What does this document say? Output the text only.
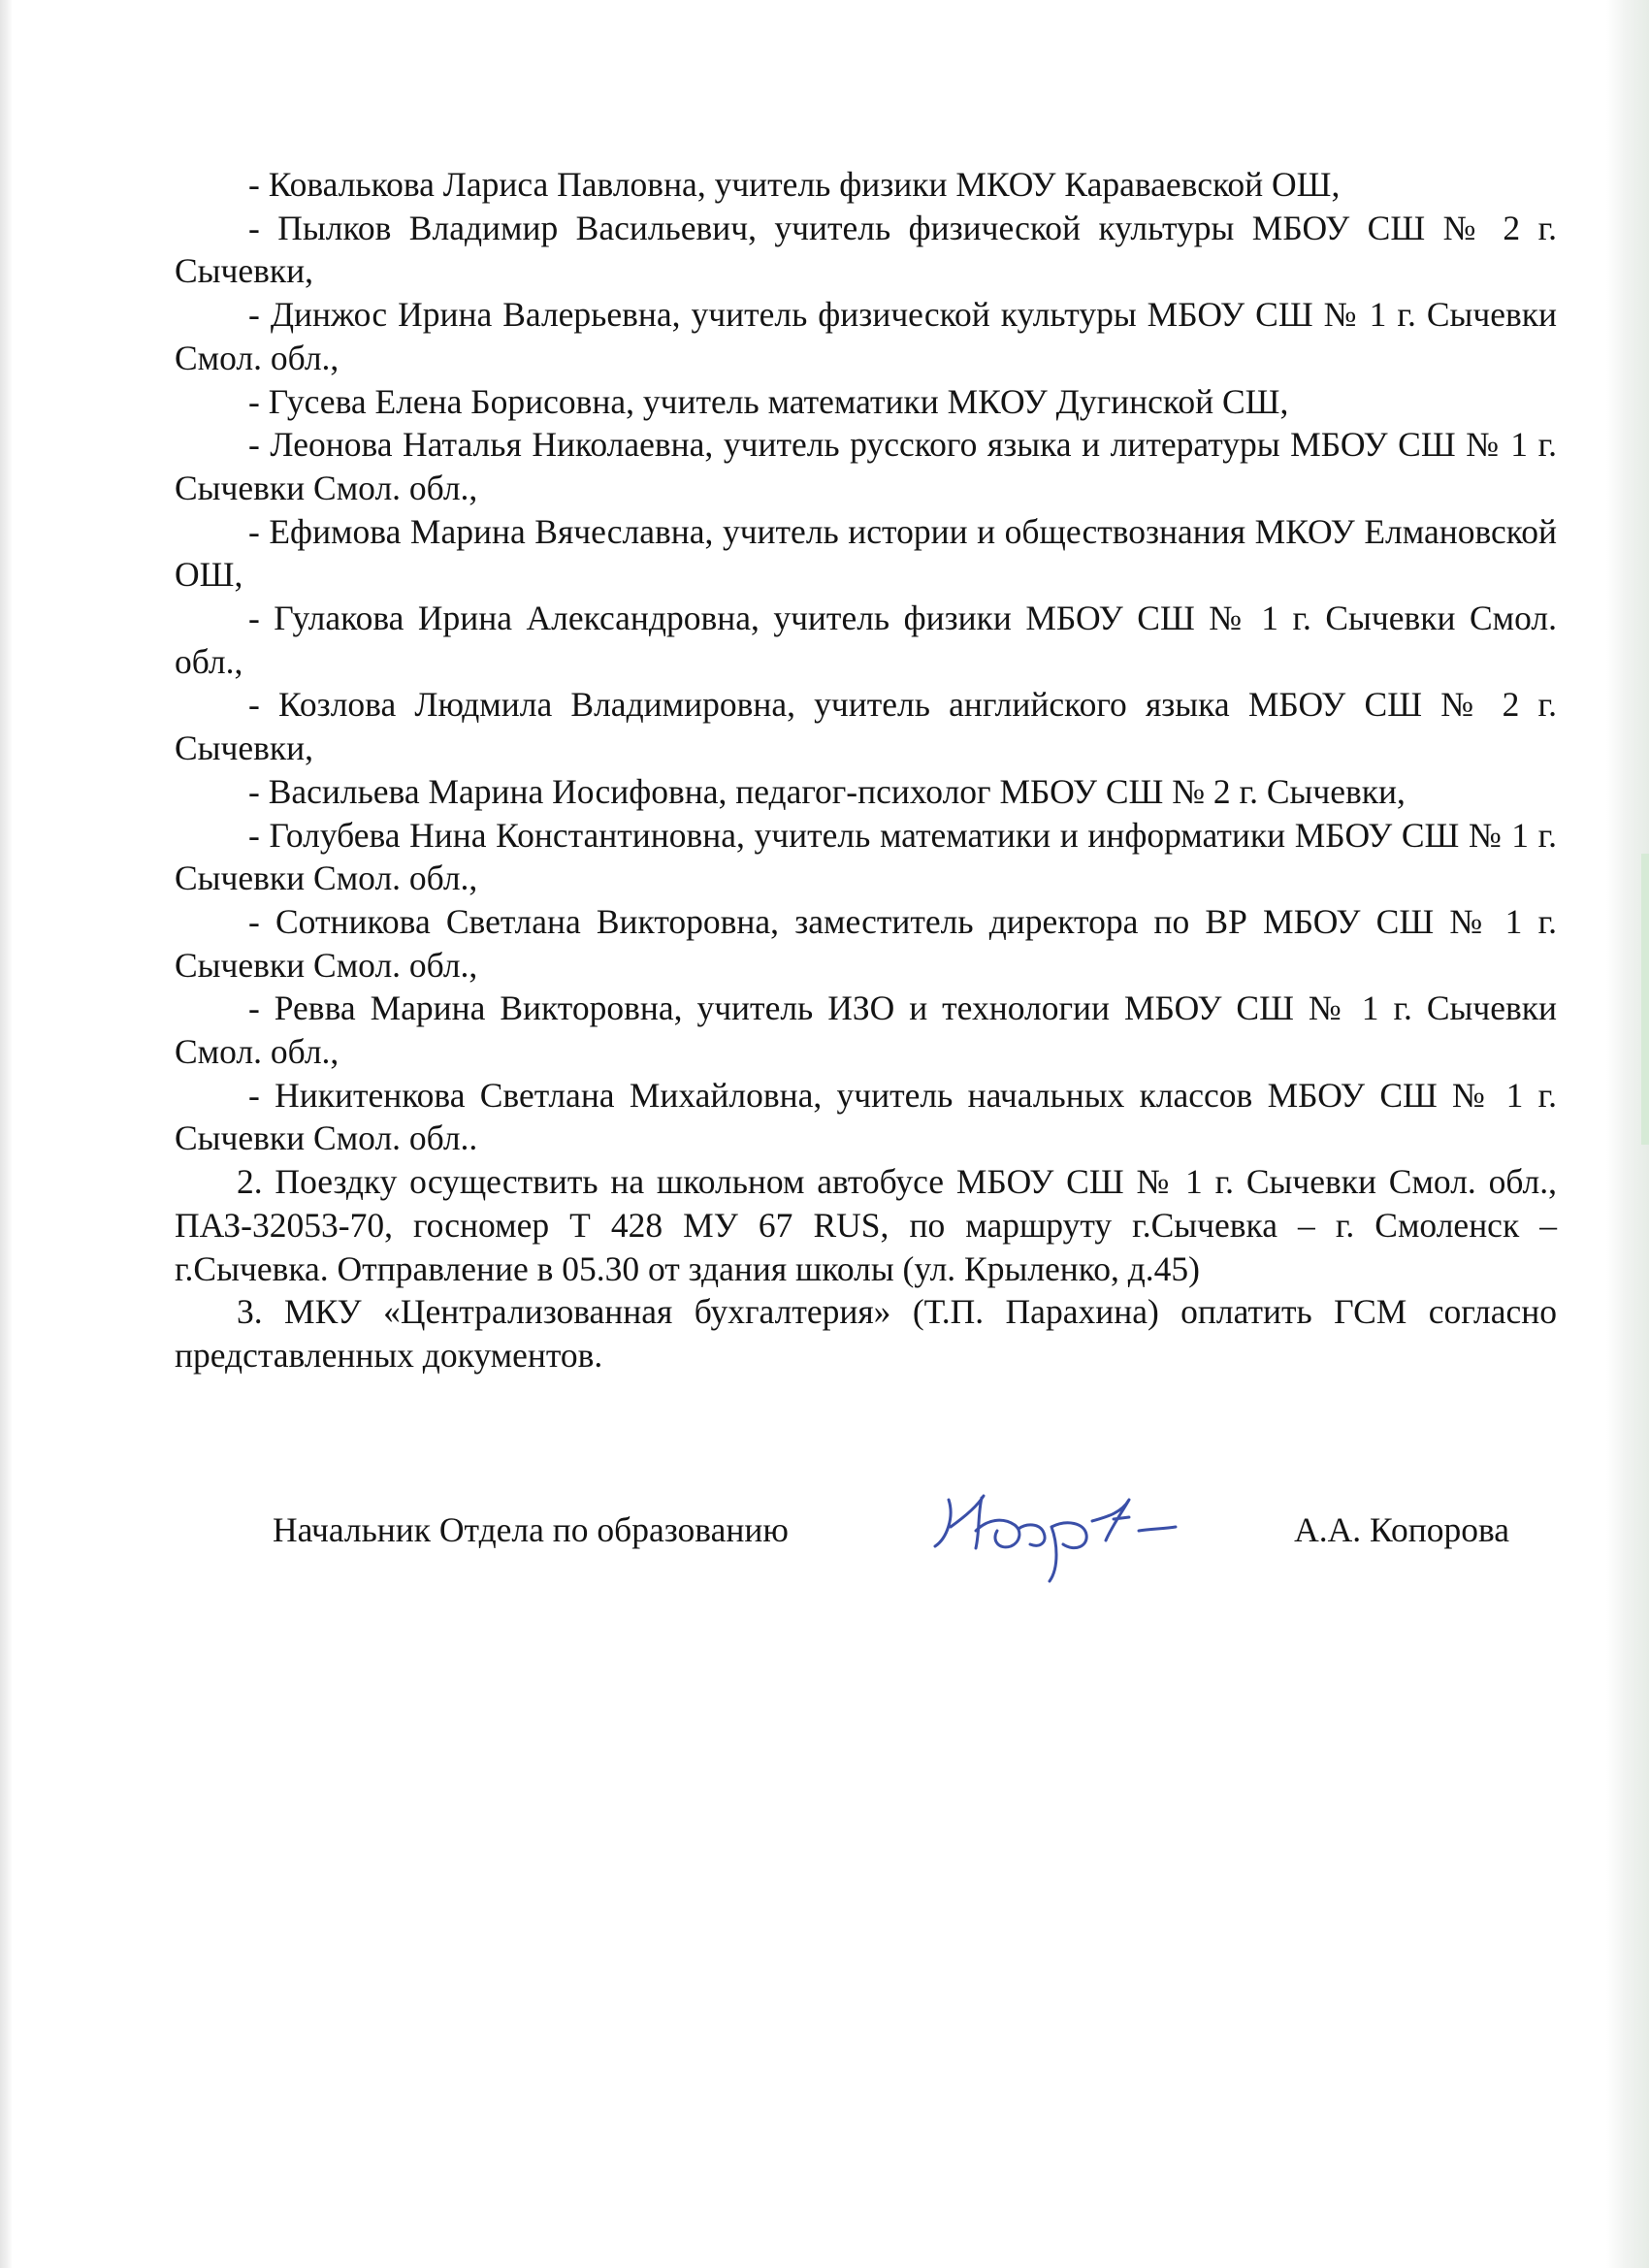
- Ковалькова Лариса Павловна, учитель физики МКОУ Караваевской ОШ,

- Пылков Владимир Васильевич, учитель физической культуры МБОУ СШ № 2 г. Сычевки,

- Динжос Ирина Валерьевна, учитель физической культуры МБОУ СШ № 1 г. Сычевки Смол. обл.,

- Гусева Елена Борисовна, учитель математики МКОУ Дугинской СШ,

- Леонова Наталья Николаевна, учитель русского языка и литературы МБОУ СШ № 1 г. Сычевки Смол. обл.,

- Ефимова Марина Вячеславна, учитель истории и обществознания МКОУ Елмановской ОШ,

- Гулакова Ирина Александровна, учитель физики МБОУ СШ № 1 г. Сычевки Смол. обл.,

- Козлова Людмила Владимировна, учитель английского языка МБОУ СШ № 2 г. Сычевки,

- Васильева Марина Иосифовна, педагог-психолог МБОУ СШ № 2 г. Сычевки,

- Голубева Нина Константиновна, учитель математики и информатики МБОУ СШ № 1 г. Сычевки Смол. обл.,

- Сотникова Светлана Викторовна, заместитель директора по ВР МБОУ СШ № 1 г. Сычевки Смол. обл.,

- Ревва Марина Викторовна, учитель ИЗО и технологии МБОУ СШ № 1 г. Сычевки Смол. обл.,

- Никитенкова Светлана Михайловна, учитель начальных классов МБОУ СШ № 1 г. Сычевки Смол. обл..

2. Поездку осуществить на школьном автобусе МБОУ СШ № 1 г. Сычевки Смол. обл., ПАЗ-32053-70, госномер Т 428 МУ 67 RUS, по маршруту г.Сычевка – г. Смоленск – г.Сычевка. Отправление в 05.30 от здания школы (ул. Крыленко, д.45)

3. МКУ «Централизованная бухгалтерия» (Т.П. Парахина) оплатить ГСМ согласно представленных документов.

Начальник Отдела по образованию	А.А. Копорова
